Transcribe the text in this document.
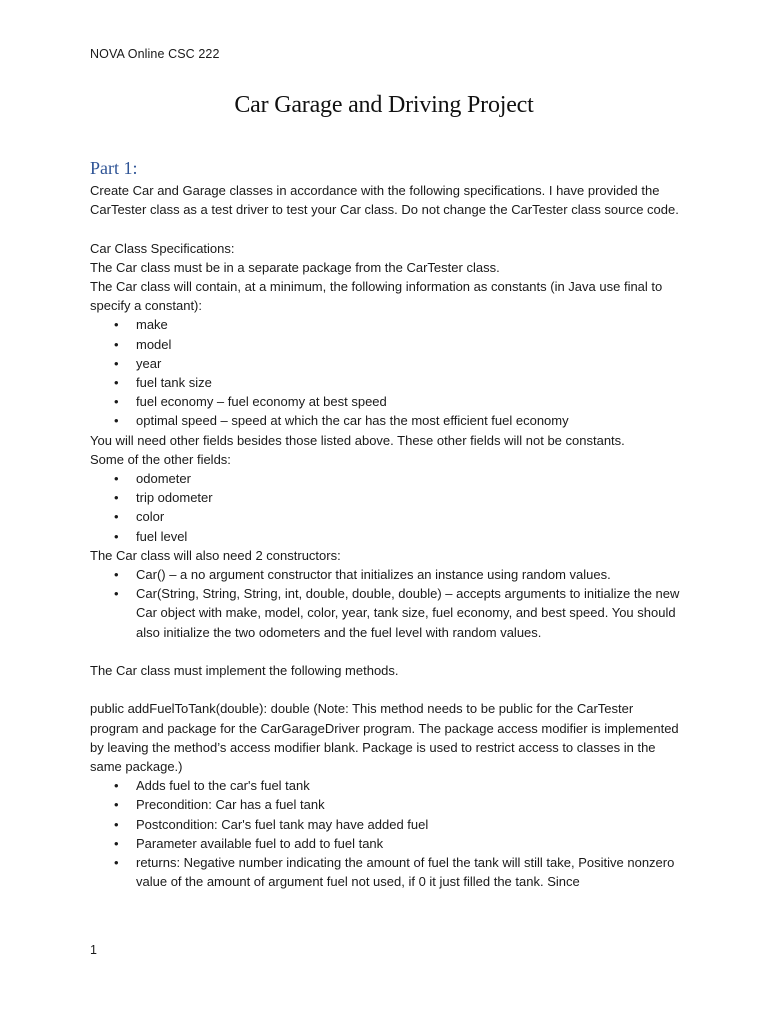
NOVA Online CSC 222
Car Garage and Driving Project
Part 1:

Create Car and Garage classes in accordance with the following specifications. I have provided the CarTester class as a test driver to test your Car class. Do not change the CarTester class source code.

Car Class Specifications:

The Car class must be in a separate package from the CarTester class.

The Car class will contain, at a minimum, the following information as constants (in Java use final to specify a constant):

• make
• model
• year
• fuel tank size
• fuel economy – fuel economy at best speed
• optimal speed – speed at which the car has the most efficient fuel economy

You will need other fields besides those listed above. These other fields will not be constants.

Some of the other fields:

• odometer
• trip odometer
• color
• fuel level

The Car class will also need 2 constructors:

• Car() – a no argument constructor that initializes an instance using random values.
• Car(String, String, String, int, double, double, double) – accepts arguments to initialize the new Car object with make, model, color, year, tank size, fuel economy, and best speed. You should also initialize the two odometers and the fuel level with random values.

The Car class must implement the following methods.

public addFuelToTank(double): double (Note: This method needs to be public for the CarTester program and package for the CarGarageDriver program. The package access modifier is implemented by leaving the method’s access modifier blank. Package is used to restrict access to classes in the same package.)

• Adds fuel to the car's fuel tank
• Precondition: Car has a fuel tank
• Postcondition: Car's fuel tank may have added fuel
• Parameter available fuel to add to fuel tank
• returns: Negative number indicating the amount of fuel the tank will still take, Positive nonzero value of the amount of argument fuel not used, if 0 it just filled the tank. Since
1
